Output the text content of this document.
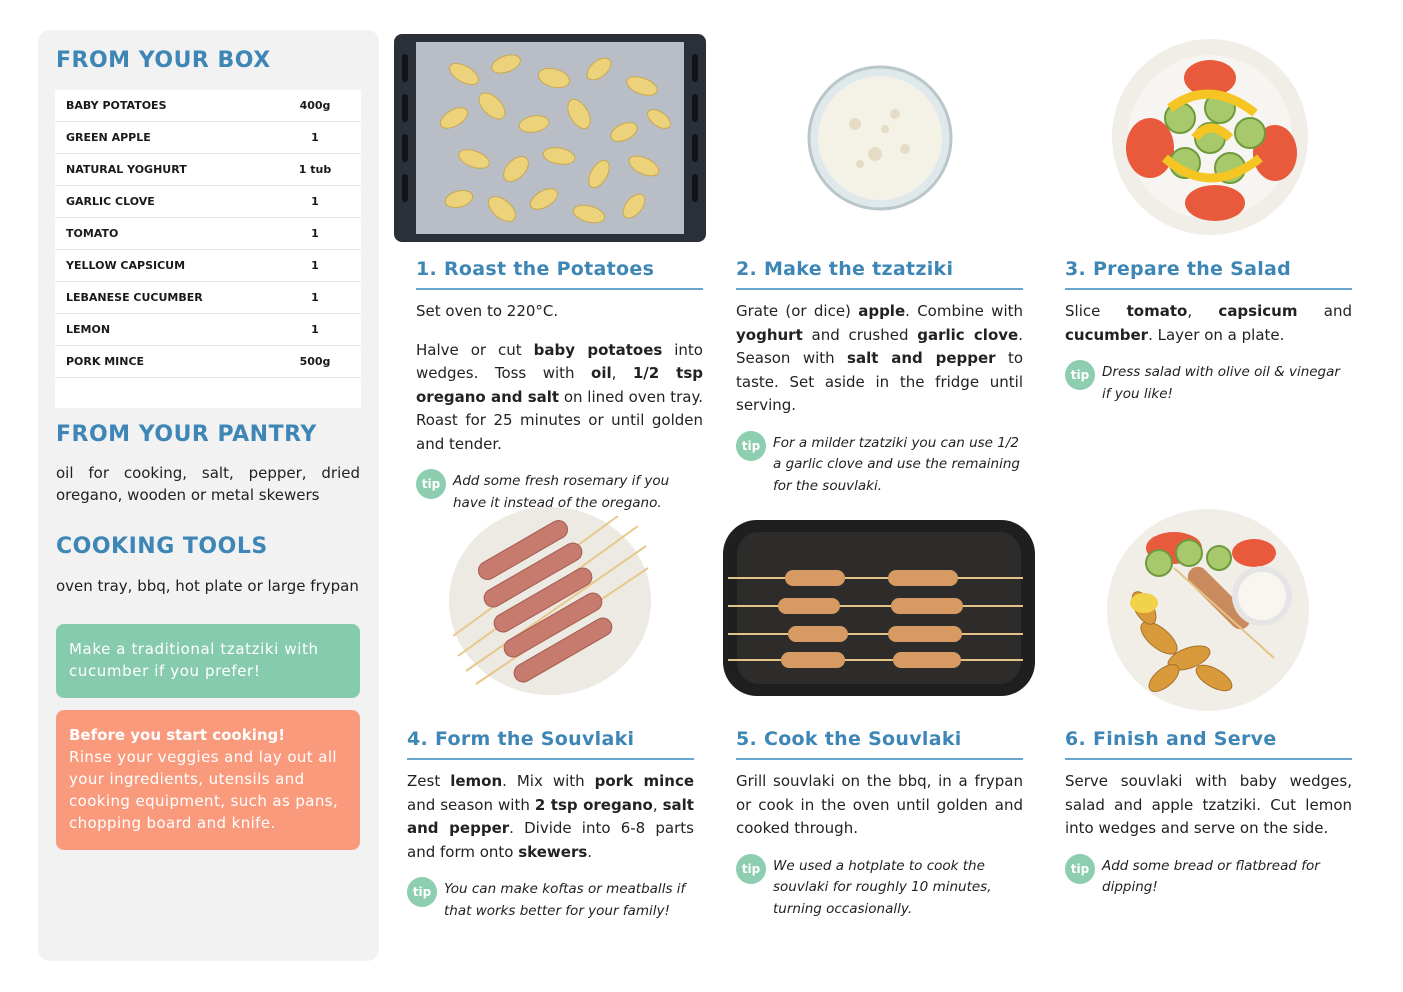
FROM YOUR BOX
BABY POTATOES	400g
GREEN APPLE	1
NATURAL YOGHURT	1 tub
GARLIC CLOVE	1
TOMATO	1
YELLOW CAPSICUM	1
LEBANESE CUCUMBER	1
LEMON	1
PORK MINCE	500g
FROM YOUR PANTRY
oil for cooking, salt, pepper, dried oregano, wooden or metal skewers
COOKING TOOLS
oven tray, bbq, hot plate or large frypan
Make a traditional tzatziki with cucumber if you prefer!
Before you start cooking!
Rinse your veggies and lay out all your ingredients, utensils and cooking equipment, such as pans, chopping board and knife.
1. Roast the Potatoes

Set oven to 220°C.

Halve or cut baby potatoes into wedges. Toss with oil, 1/2 tsp oregano and salt on lined oven tray. Roast for 25 minutes or until golden and tender.

tip Add some fresh rosemary if you have it instead of the oregano.
2. Make the tzatziki

Grate (or dice) apple. Combine with yoghurt and crushed garlic clove. Season with salt and pepper to taste. Set aside in the fridge until serving.

tip For a milder tzatziki you can use 1/2 a garlic clove and use the remaining for the souvlaki.
3. Prepare the Salad

Slice tomato, capsicum and cucumber. Layer on a plate.

tip Dress salad with olive oil & vinegar if you like!
4. Form the Souvlaki

Zest lemon. Mix with pork mince and season with 2 tsp oregano, salt and pepper. Divide into 6-8 parts and form onto skewers.

tip You can make koftas or meatballs if that works better for your family!
5. Cook the Souvlaki

Grill souvlaki on the bbq, in a frypan or cook in the oven until golden and cooked through.

tip We used a hotplate to cook the souvlaki for roughly 10 minutes, turning occasionally.
6. Finish and Serve

Serve souvlaki with baby wedges, salad and apple tzatziki. Cut lemon into wedges and serve on the side.

tip Add some bread or flatbread for dipping!
